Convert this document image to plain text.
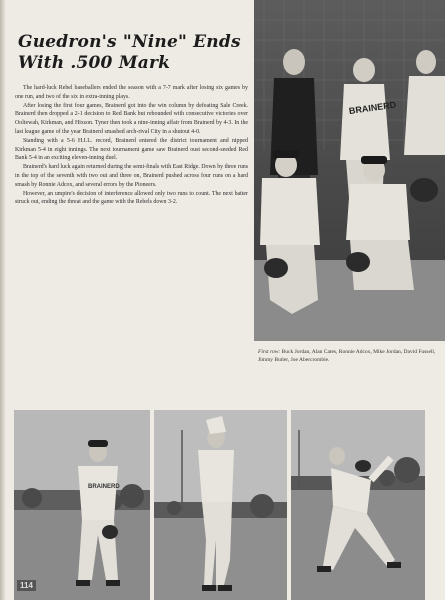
Guedron's "Nine" Ends With .500 Mark

The hard-luck Rebel baseballers ended the season with a 7-7 mark after losing six games by one run, and two of the six in extra-inning plays.

After losing the first four games, Brainerd got into the win column by defeating Sale Creek. Brainerd then dropped a 2-1 decision to Red Bank but rebounded with consecutive victories over Ooltewah, Kirkman, and Hixson. Tyner then took a nine-inning affair from Brainerd by 4-3. In the last league game of the year Brainerd smashed arch-rival City in a shutout 4-0.

Standing with a 5-6 H.I.L. record, Brainerd entered the district tournament and nipped Kirkman 5-4 in eight innings. The next tournament game saw Brainerd oust second-seeded Red Bank 5-4 in an exciting eleven-inning duel.

Brainerd's hard luck again returned during the semi-finals with East Ridge. Down by three runs in the top of the seventh with two out and three on, Brainerd pushed across four runs on a hard smash by Ronnie Adcox, and several errors by the Pioneers.

However, an umpire's decision of interference allowed only two runs to count. The next batter struck out, ending the threat and the game with the Rebels down 3-2.

BRAINERD
First row: Buck Jordan, Alan Cates, Ronnie Adcox, Mike Jordan, David Fussell, Jimmy Butler, Joe Abercrombie.
BRAINERD
114
